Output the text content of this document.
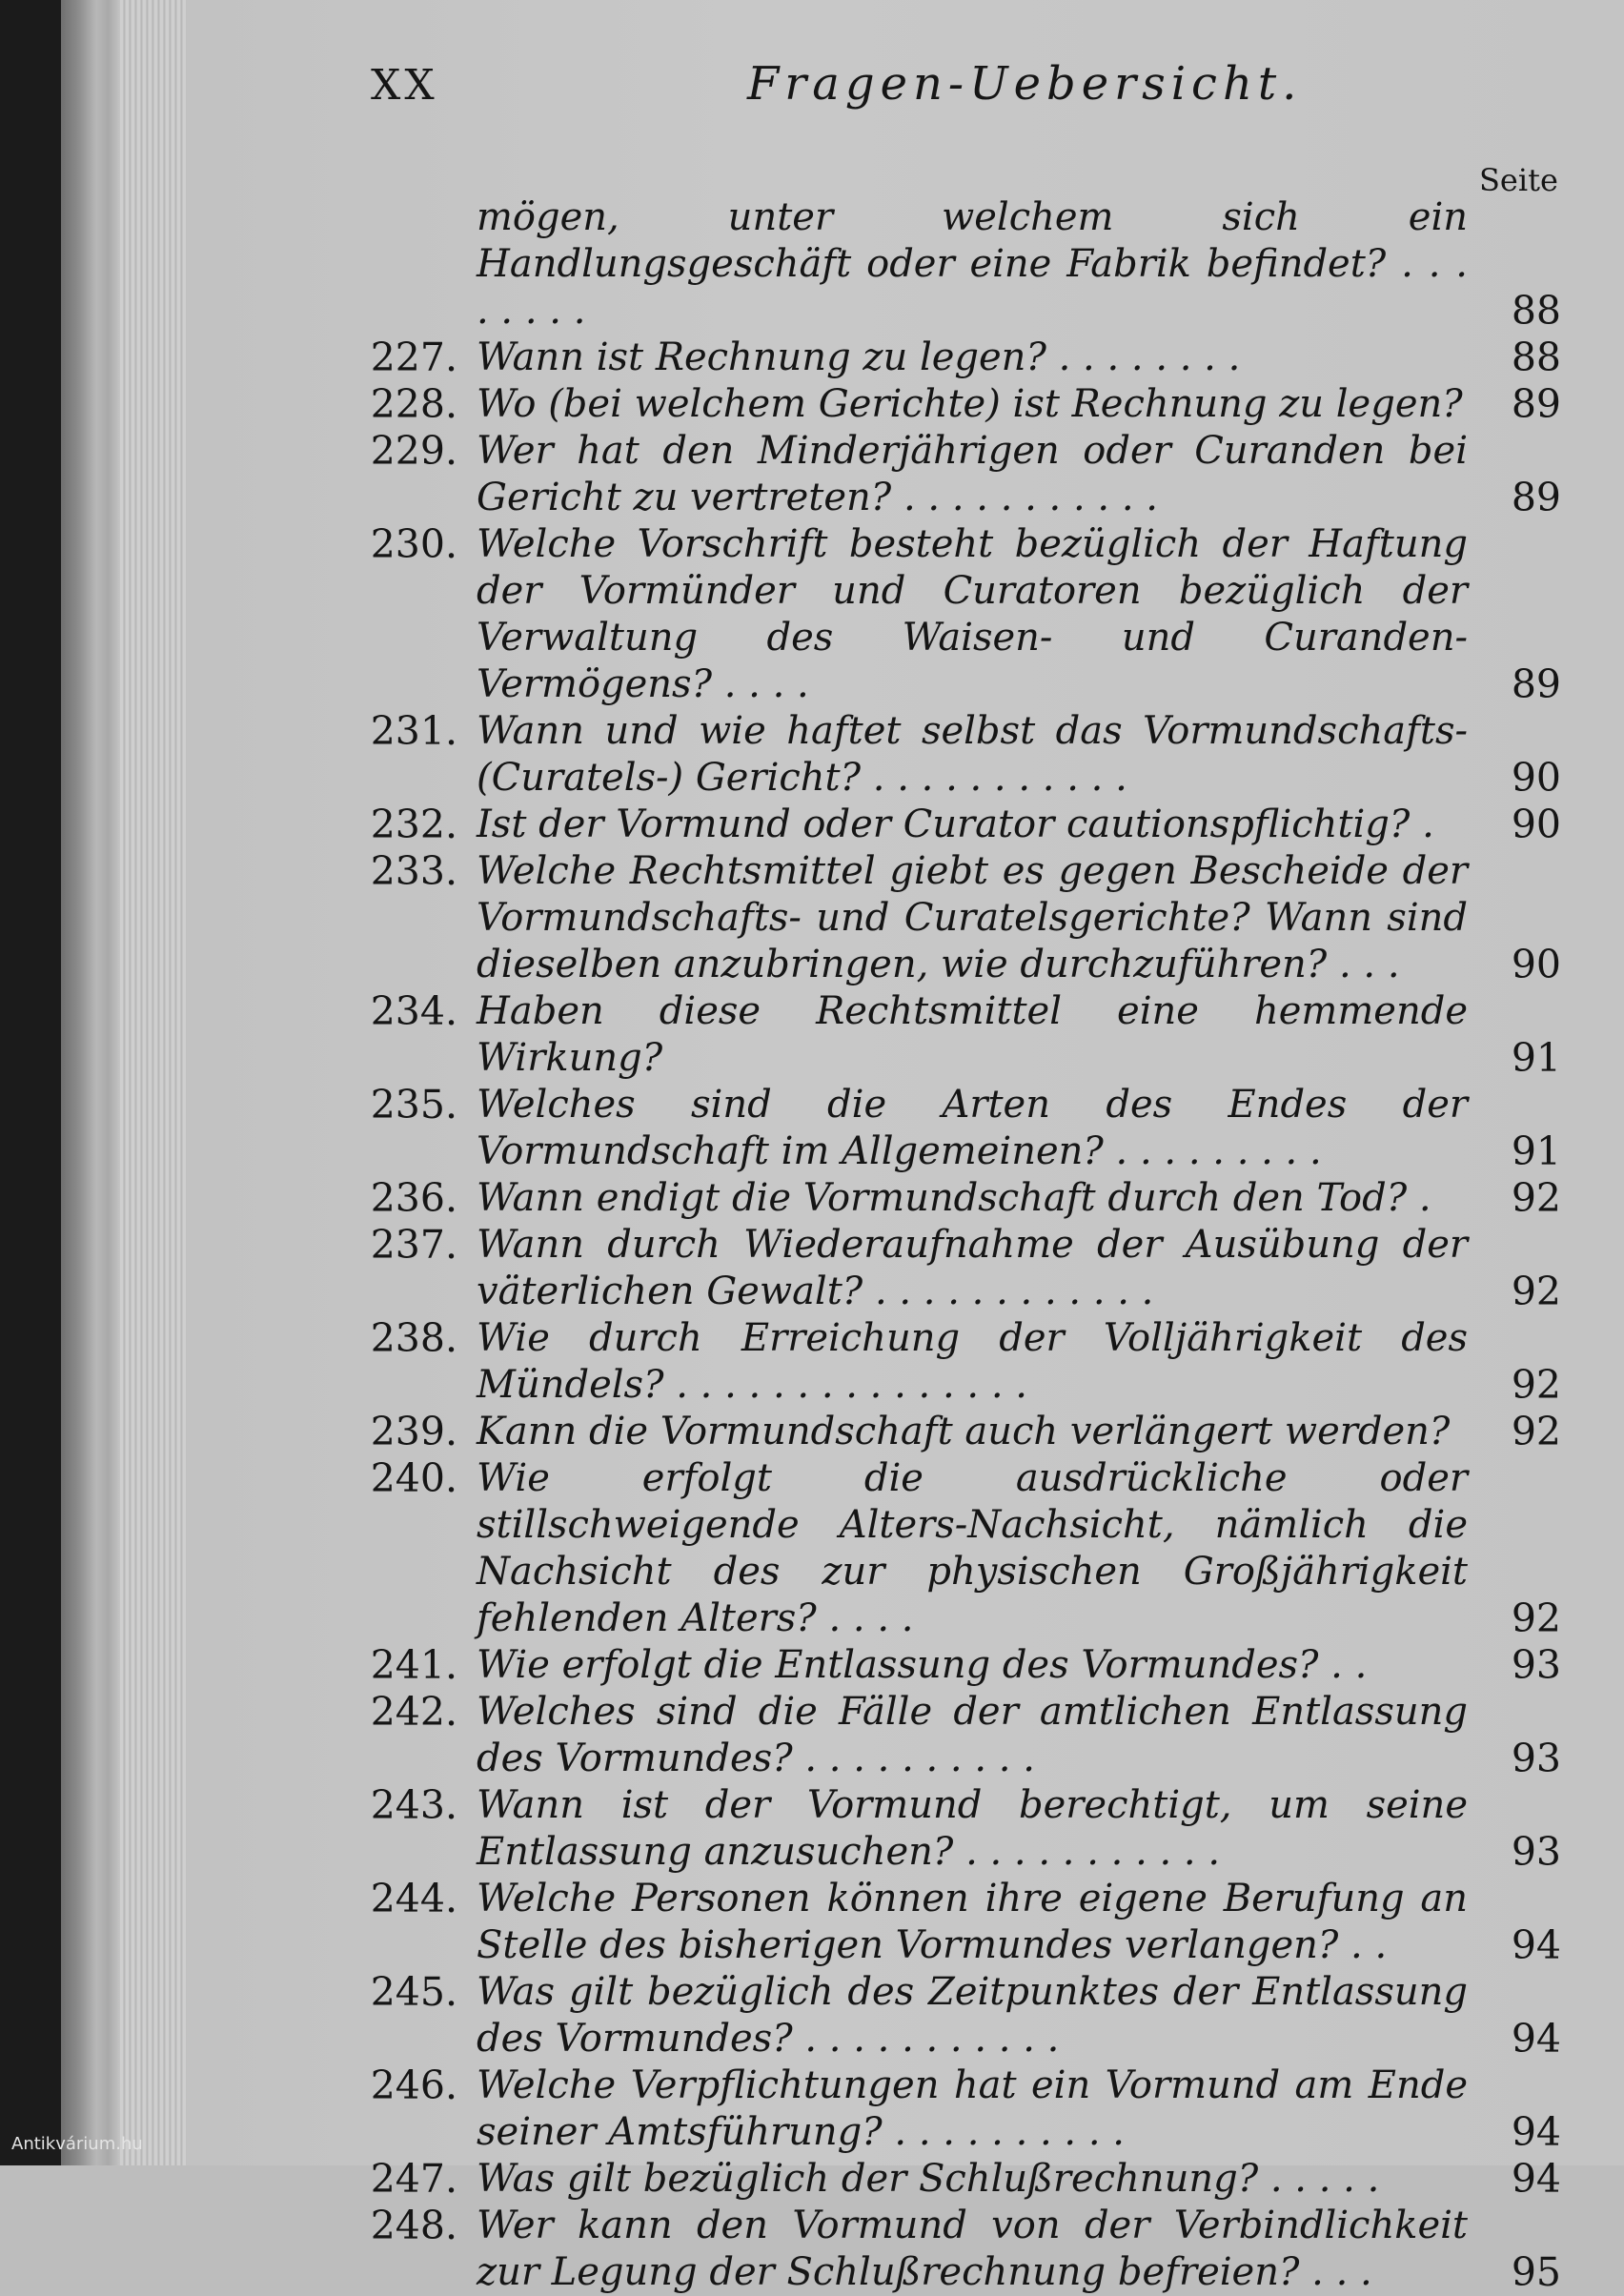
XX	Fragen-Uebersicht.
Seite
mögen, unter welchem sich ein Handlungsgeschäft oder eine Fabrik befindet? . . . . . . . .	88
227. Wann ist Rechnung zu legen? . . . . . . . .	88
228. Wo (bei welchem Gerichte) ist Rechnung zu legen?	89
229. Wer hat den Minderjährigen oder Curanden bei Gericht zu vertreten? . . . . . . . . . . .	89
230. Welche Vorschrift besteht bezüglich der Haftung der Vormünder und Curatoren bezüglich der Verwaltung des Waisen- und Curanden-Vermögens? . . . .	89
231. Wann und wie haftet selbst das Vormundschafts- (Curatels-) Gericht? . . . . . . . . . . .	90
232. Ist der Vormund oder Curator cautionspflichtig? .	90
233. Welche Rechtsmittel giebt es gegen Bescheide der Vormundschafts- und Curatelsgerichte? Wann sind dieselben anzubringen, wie durchzuführen? . . .	90
234. Haben diese Rechtsmittel eine hemmende Wirkung?	91
235. Welches sind die Arten des Endes der Vormundschaft im Allgemeinen? . . . . . . . . .	91
236. Wann endigt die Vormundschaft durch den Tod? .	92
237. Wann durch Wiederaufnahme der Ausübung der väterlichen Gewalt? . . . . . . . . . . . .	92
238. Wie durch Erreichung der Volljährigkeit des Mündels? . . . . . . . . . . . . . . .	92
239. Kann die Vormundschaft auch verlängert werden?	92
240. Wie erfolgt die ausdrückliche oder stillschweigende Alters-Nachsicht, nämlich die Nachsicht des zur physischen Großjährigkeit fehlenden Alters? . . . .	92
241. Wie erfolgt die Entlassung des Vormundes? . .	93
242. Welches sind die Fälle der amtlichen Entlassung des Vormundes? . . . . . . . . . .	93
243. Wann ist der Vormund berechtigt, um seine Entlassung anzusuchen? . . . . . . . . . . .	93
244. Welche Personen können ihre eigene Berufung an Stelle des bisherigen Vormundes verlangen? . .	94
245. Was gilt bezüglich des Zeitpunktes der Entlassung des Vormundes? . . . . . . . . . . .	94
246. Welche Verpflichtungen hat ein Vormund am Ende seiner Amtsführung? . . . . . . . . . .	94
247. Was gilt bezüglich der Schlußrechnung? . . . . .	94
248. Wer kann den Vormund von der Verbindlichkeit zur Legung der Schlußrechnung befreien? . . .	95
Antikvárium.hu
